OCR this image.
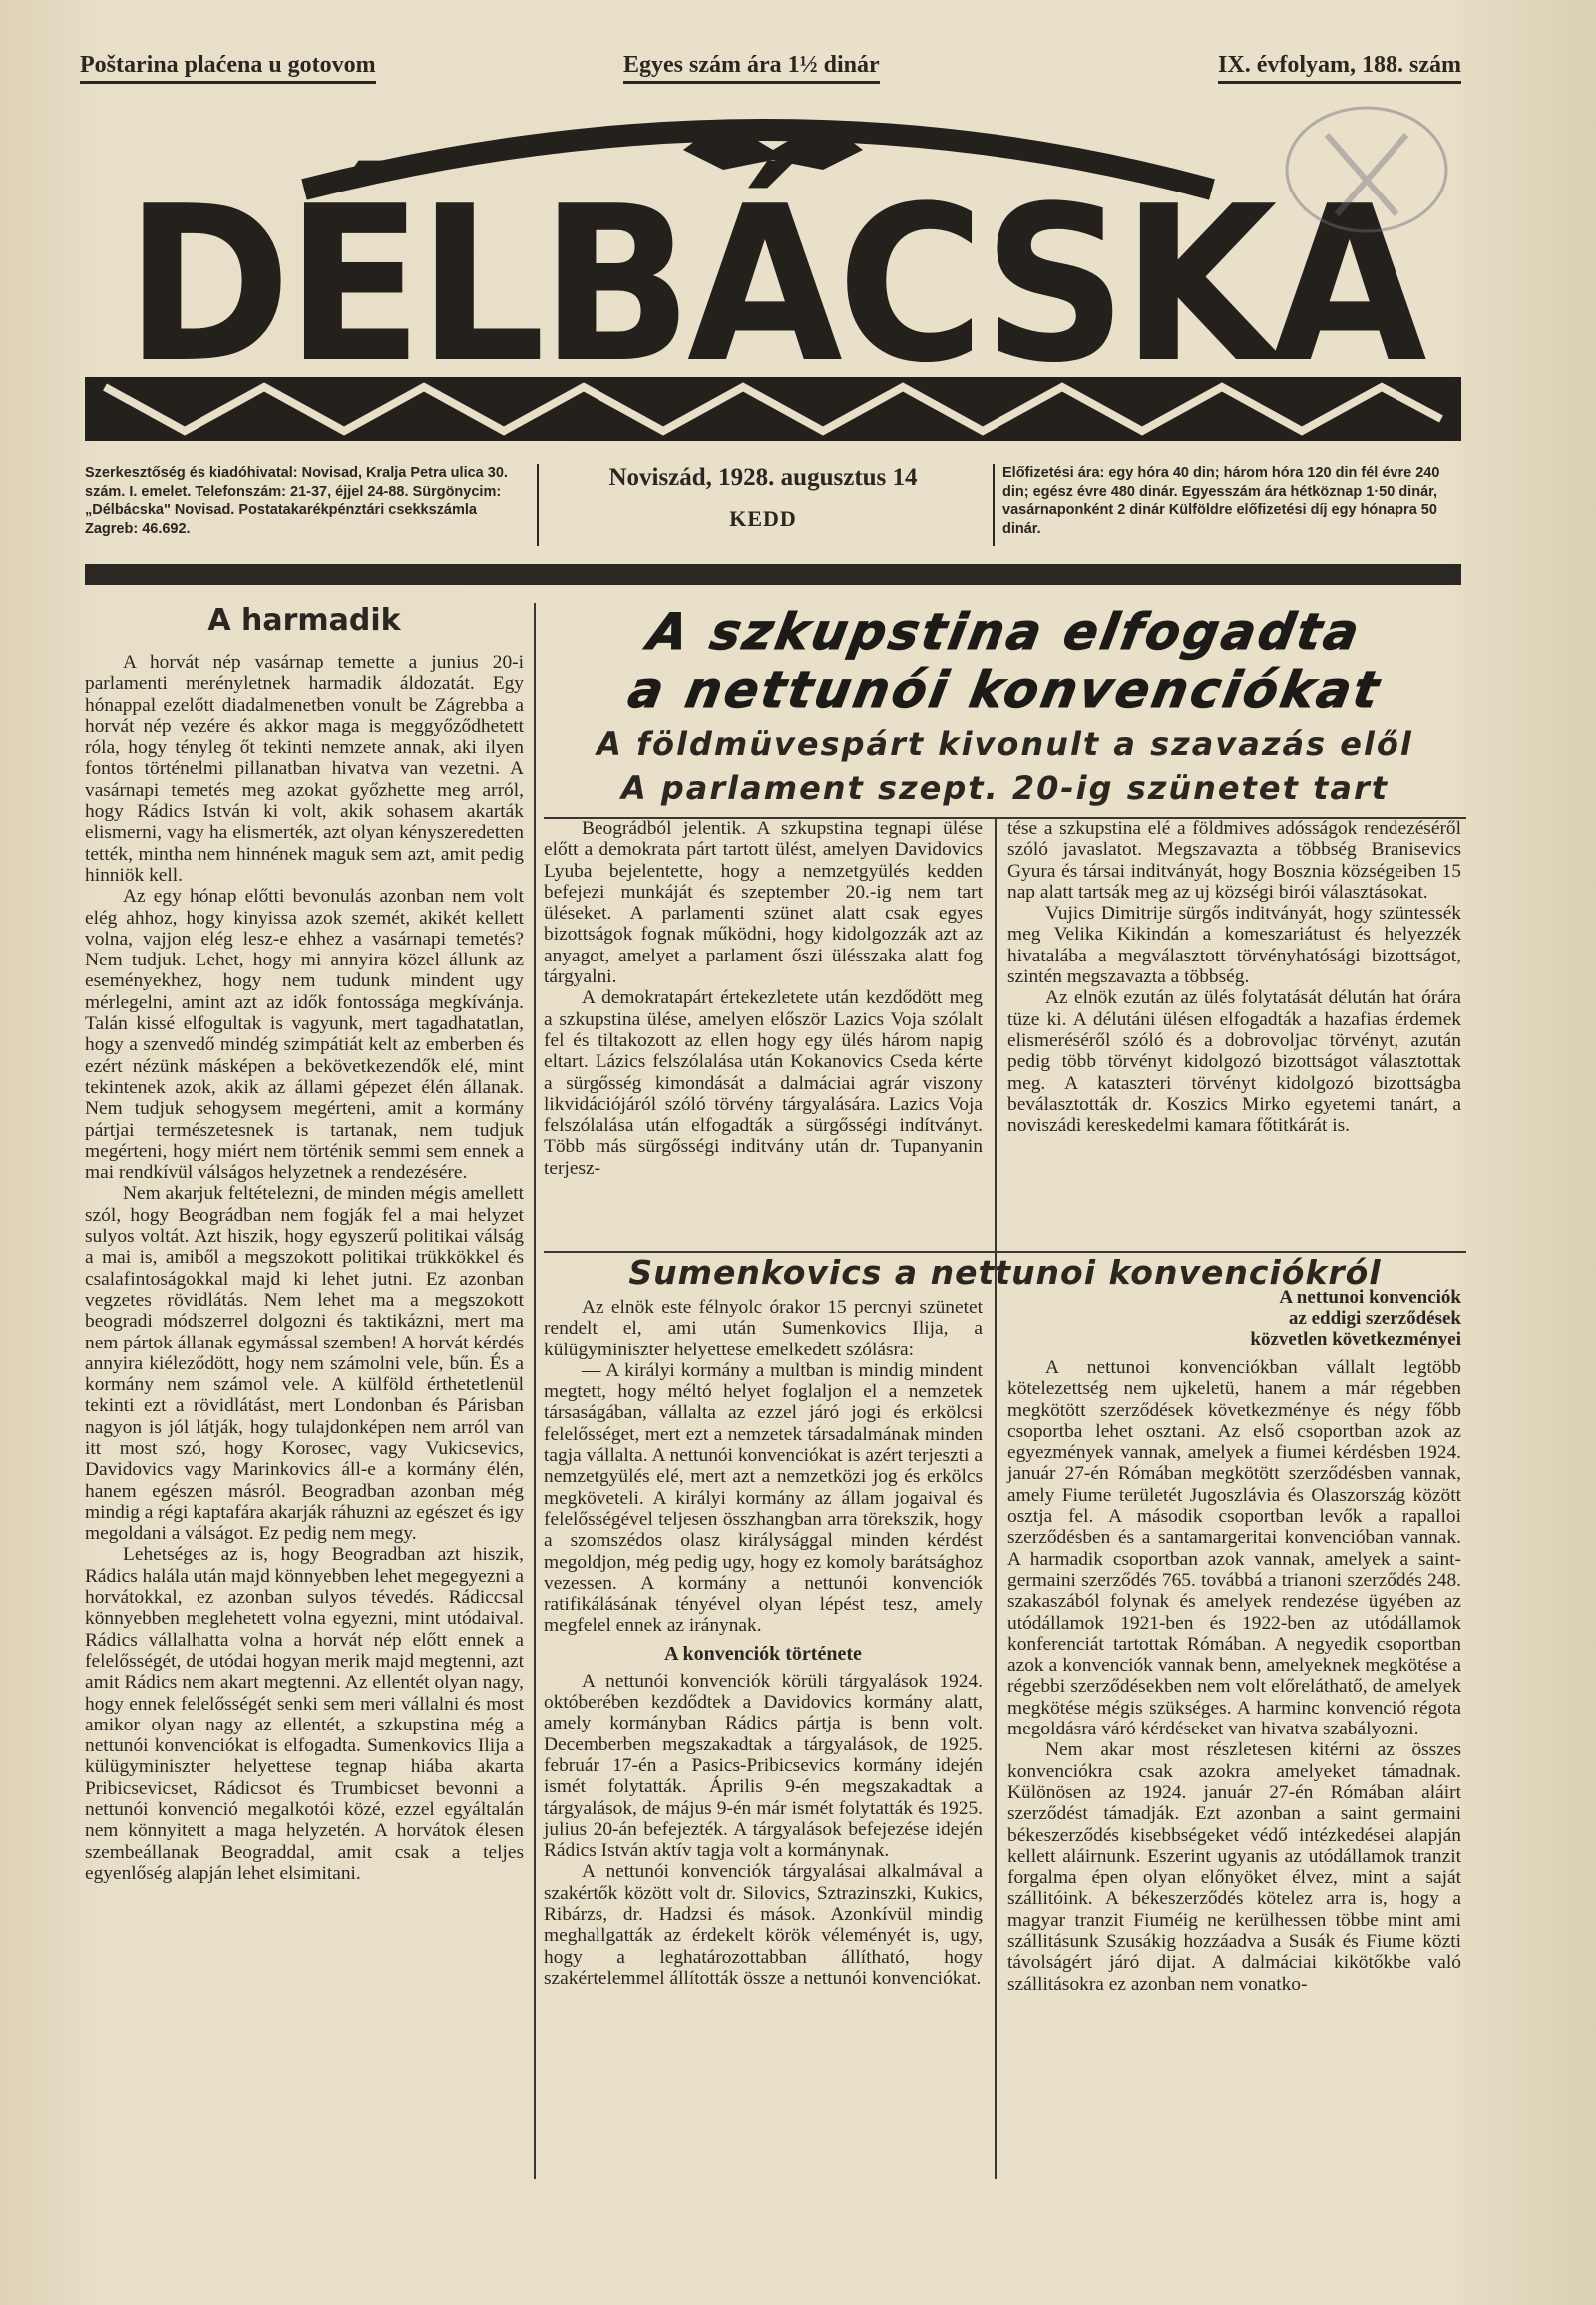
Poštarina plaćena u gotovom	Egyes szám ára 1½ dinár	IX. évfolyam, 188. szám
DÉLBÁCSKA
Szerkesztőség és kiadóhivatal: Novisad, Kralja Petra ulica 30. szám. I. emelet. Telefonszám: 21-37, éjjel 24-88. Sürgönycim: „Délbácska" Novisad. Postatakarékpénztári csekkszámla Zagreb: 46.692.
Noviszád, 1928. augusztus 14
KEDD
Előfizetési ára: egy hóra 40 din; három hóra 120 din fél évre 240 din; egész évre 480 dinár. Egyesszám ára hétköznap 1·50 dinár, vasárnaponként 2 dinár Külföldre előfizetési díj egy hónapra 50 dinár.
A harmadik

A horvát nép vasárnap temette a junius 20-i parlamenti merényletnek harmadik áldozatát. Egy hónappal ezelőtt diadalmenetben vonult be Zágrebba a horvát nép vezére és akkor maga is meggyőződhetett róla, hogy tényleg őt tekinti nemzete annak, aki ilyen fontos történelmi pillanatban hivatva van vezetni. A vasárnapi temetés meg azokat győzhette meg arról, hogy Rádics István ki volt, akik sohasem akarták elismerni, vagy ha elismerték, azt olyan kényszeredetten tették, mintha nem hinnének maguk sem azt, amit pedig hinniök kell.

Az egy hónap előtti bevonulás azonban nem volt elég ahhoz, hogy kinyissa azok szemét, akikét kellett volna, vajjon elég lesz-e ehhez a vasárnapi temetés? Nem tudjuk. Lehet, hogy mi annyira közel állunk az eseményekhez, hogy nem tudunk mindent ugy mérlegelni, amint azt az idők fontossága megkívánja. Talán kissé elfogultak is vagyunk, mert tagadhatatlan, hogy a szenvedő mindég szimpátiát kelt az emberben és ezért nézünk másképen a bekövetkezendők elé, mint tekintenek azok, akik az állami gépezet élén állanak. Nem tudjuk sehogysem megérteni, amit a kormány pártjai természetesnek is tartanak, nem tudjuk megérteni, hogy miért nem történik semmi sem ennek a mai rendkívül válságos helyzetnek a rendezésére.

Nem akarjuk feltételezni, de minden mégis amellett szól, hogy Beográdban nem fogják fel a mai helyzet sulyos voltát. Azt hiszik, hogy egyszerű politikai válság a mai is, amiből a megszokott politikai trükkökkel és csalafintoságokkal majd ki lehet jutni. Ez azonban vegzetes rövidlátás. Nem lehet ma a megszokott beogradi módszerrel dolgozni és taktikázni, mert ma nem pártok állanak egymással szemben! A horvát kérdés annyira kiéleződött, hogy nem számolni vele, bűn. És a kormány nem számol vele. A külföld érthetetlenül tekinti ezt a rövidlátást, mert Londonban és Párisban nagyon is jól látják, hogy tulajdonképen nem arról van itt most szó, hogy Korosec, vagy Vukicsevics, Davidovics vagy Marinkovics áll-e a kormány élén, hanem egészen másról. Beogradban azonban még mindig a régi kaptafára akarják ráhuzni az egészet és igy megoldani a válságot. Ez pedig nem megy.

Lehetséges az is, hogy Beogradban azt hiszik, Rádics halála után majd könnyebben lehet megegyezni a horvátokkal, ez azonban sulyos tévedés. Rádiccsal könnyebben meglehetett volna egyezni, mint utódaival. Rádics vállalhatta volna a horvát nép előtt ennek a felelősségét, de utódai hogyan merik majd megtenni, azt amit Rádics nem akart megtenni. Az ellentét olyan nagy, hogy ennek felelősségét senki sem meri vállalni és most amikor olyan nagy az ellentét, a szkupstina még a nettunói konvenciókat is elfogadta. Sumenkovics Ilija a külügyminiszter helyettese tegnap hiába akarta Pribicsevicset, Rádicsot és Trumbicset bevonni a nettunói konvenció megalkotói közé, ezzel egyáltalán nem könnyitett a maga helyzetén. A horvátok élesen szembeállanak Beograddal, amit csak a teljes egyenlőség alapján lehet elsimitani.

A szkupstina elfogadta
a nettunói konvenciókat
A földmüvespárt kivonult a szavazás elől
A parlament szept. 20-ig szünetet tart

Beográdból jelentik. A szkupstina tegnapi ülése előtt a demokrata párt tartott ülést, amelyen Davidovics Lyuba bejelentette, hogy a nemzetgyülés kedden befejezi munkáját és szeptember 20.-ig nem tart üléseket. A parlamenti szünet alatt csak egyes bizottságok fognak működni, hogy kidolgozzák azt az anyagot, amelyet a parlament őszi ülésszaka alatt fog tárgyalni.

A demokratapárt értekezletete után kezdődött meg a szkupstina ülése, amelyen először Lazics Voja szólalt fel és tiltakozott az ellen hogy egy ülés három napig eltart. Lázics felszólalása után Kokanovics Cseda kérte a sürgősség kimondását a dalmáciai agrár viszony likvidációjáról szóló törvény tárgyalására. Lazics Voja felszólalása után elfogadták a sürgősségi indítványt. Több más sürgősségi inditvány után dr. Tupanyanin terjesz-

tése a szkupstina elé a földmives adósságok rendezéséről szóló javaslatot. Megszavazta a többség Branisevics Gyura és társai inditványát, hogy Bosznia községeiben 15 nap alatt tartsák meg az uj községi birói választásokat.

Vujics Dimitrije sürgős inditványát, hogy szüntessék meg Velika Kikindán a komeszariátust és helyezzék hivatalába a megválasztott törvényhatósági bizottságot, szintén megszavazta a többség.

Az elnök ezután az ülés folytatását délután hat órára tüze ki. A délutáni ülésen elfogadták a hazafias érdemek elismeréséről szóló és a dobrovoljac törvényt, azután pedig több törvényt kidolgozó bizottságot választottak meg. A kataszteri törvényt kidolgozó bizottságba beválasztották dr. Koszics Mirko egyetemi tanárt, a noviszádi kereskedelmi kamara főtitkárát is.

Sumenkovics a nettunoi konvenciókról

Az elnök este félnyolc órakor 15 percnyi szünetet rendelt el, ami után Sumenkovics Ilija, a külügyminiszter helyettese emelkedett szólásra:

— A királyi kormány a multban is mindig mindent megtett, hogy méltó helyet foglaljon el a nemzetek társaságában, vállalta az ezzel járó jogi és erkölcsi felelősséget, mert ezt a nemzetek társadalmának minden tagja vállalta. A nettunói konvenciókat is azért terjeszti a nemzetgyülés elé, mert azt a nemzetközi jog és erkölcs megköveteli. A királyi kormány az állam jogaival és felelősségével teljesen összhangban arra törekszik, hogy a szomszédos olasz királysággal minden kérdést megoldjon, még pedig ugy, hogy ez komoly barátsághoz vezessen. A kormány a nettunói konvenciók ratifikálásának tényével olyan lépést tesz, amely megfelel ennek az iránynak.

A konvenciók története

A nettunói konvenciók körüli tárgyalások 1924. októberében kezdődtek a Davidovics kormány alatt, amely kormányban Rádics pártja is benn volt. Decemberben megszakadtak a tárgyalások, de 1925. február 17-én a Pasics-Pribicsevics kormány idején ismét folytatták. Április 9-én megszakadtak a tárgyalások, de május 9-én már ismét folytatták és 1925. julius 20-án befejezték. A tárgyalások befejezése idején Rádics István aktív tagja volt a kormánynak.

A nettunói konvenciók tárgyalásai alkalmával a szakértők között volt dr. Silovics, Sztrazinszki, Kukics, Ribárzs, dr. Hadzsi és mások. Azonkívül mindig meghallgatták az érdekelt körök véleményét is, ugy, hogy a leghatározottabban állítható, hogy szakértelemmel állították össze a nettunói konvenciókat.

A nettunoi konvenciók
az eddigi szerződések
közvetlen következményei

A nettunoi konvenciókban vállalt legtöbb kötelezettség nem ujkeletü, hanem a már régebben megkötött szerződések következménye és négy főbb csoportba lehet osztani. Az első csoportban azok az egyezmények vannak, amelyek a fiumei kérdésben 1924. január 27-én Rómában megkötött szerződésben vannak, amely Fiume területét Jugoszlávia és Olaszország között osztja fel. A második csoportban levők a rapalloi szerződésben és a santamargeritai konvencióban vannak. A harmadik csoportban azok vannak, amelyek a saint-germaini szerződés 765. továbbá a trianoni szerződés 248. szakaszából folynak és amelyek rendezése ügyében az utódállamok 1921-ben és 1922-ben az utódállamok konferenciát tartottak Rómában. A negyedik csoportban azok a konvenciók vannak benn, amelyeknek megkötése a régebbi szerződésekben nem volt előreláthatő, de amelyek megkötése mégis szükséges. A harminc konvenció régota megoldásra váró kérdéseket van hivatva szabályozni.

Nem akar most részletesen kitérni az összes konvenciókra csak azokra amelyeket támadnak. Különösen az 1924. január 27-én Rómában aláirt szerződést támadják. Ezt azonban a saint germaini békeszerződés kisebbségeket védő intézkedései alapján kellett aláirnunk. Eszerint ugyanis az utódállamok tranzit forgalma épen olyan előnyöket élvez, mint a saját szállitóink. A békeszerződés kötelez arra is, hogy a magyar tranzit Fiuméig ne kerülhessen többe mint ami szállitásunk Szusákig hozzáadva a Susák és Fiume közti távolságért járó dijat. A dalmáciai kikötőkbe való szállitásokra ez azonban nem vonatko-
